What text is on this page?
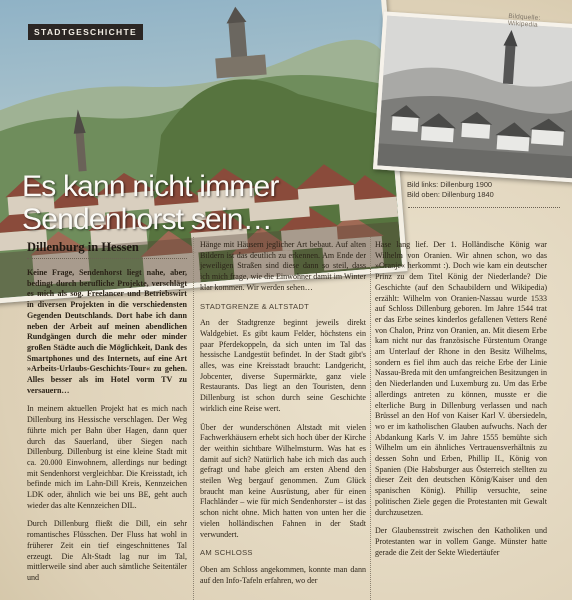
Bildquelle: Wikipedia
STADTGESCHICHTE
Es kann nicht immer
Sendenhorst sein…
Bild links: Dillenburg 1900
Bild oben: Dillenburg 1840
Dillenburg in Hessen

Keine Frage, Sendenhorst liegt nahe, aber, bedingt durch berufliche Projekte, verschlägt es mich als sog. Freelancer und Betriebswirt in diversen Projekten in die verschiedensten Gegenden Deutschlands. Dort habe ich dann neben der Arbeit auf meinen abendlichen Rundgängen durch die mehr oder minder großen Städte auch die Möglichkeit, Dank des Smartphones und des Internets, auf eine Art »Arbeits-Urlaubs-Geschichts-Tour« zu gehen. Alles besser als im Hotel vorm TV zu versauern…

In meinem aktuellen Projekt hat es mich nach Dillenburg ins Hessische verschlagen. Der Weg führte mich per Bahn über Hagen, dann quer durch das Sauerland, über Siegen nach Dillenburg. Dillenburg ist eine kleine Stadt mit ca. 20.000 Einwohnern, allerdings nur bedingt mit Sendenhorst vergleichbar. Die Kreisstadt, ich befinde mich im Lahn-Dill Kreis, Kennzeichen LDK oder, ähnlich wie bei uns BE, geht auch wieder das alte Kennzeichen DIL.

Durch Dillenburg fließt die Dill, ein sehr romantisches Flüsschen. Der Fluss hat wohl in früherer Zeit ein tief eingeschnittenes Tal erzeugt. Die Alt-Stadt lag nur im Tal, mittlerweile sind aber auch sämtliche Seitentäler und

Hänge mit Häusern jeglicher Art bebaut. Auf alten Bildern ist das deutlich zu erkennen. Am Ende der jeweiligen Straßen sind diese dann so steil, dass ich mich frage, wie die Einwohner damit im Winter klar kommen. Wir werden sehen…

STADTGRENZE & ALTSTADT

An der Stadtgrenze beginnt jeweils direkt Waldgebiet. Es gibt kaum Felder, höchstens ein paar Pferdekoppeln, da sich unten im Tal das hessische Landgestüt befindet. In der Stadt gibt's alles, was eine Kreisstadt braucht: Landgericht, Jobcenter, diverse Supermärkte, ganz viele Restaurants. Das liegt an den Touristen, denn Dillenburg ist schon durch seine Geschichte wirklich eine Reise wert.

Über der wunderschönen Altstadt mit vielen Fachwerkhäusern erhebt sich hoch über der Kirche der weithin sichtbare Wilhelmsturm. Was hat es damit auf sich? Natürlich habe ich mich das auch gefragt und habe gleich am ersten Abend den steilen Weg bergauf genommen. Zum Glück braucht man keine Ausrüstung, aber für einen Flachländer – wie für mich Sendenhorster – ist das schon nicht ohne. Mich hatten von unten her die vielen holländischen Fahnen in der Stadt verwundert.

AM SCHLOSS

Oben am Schloss angekommen, konnte man dann auf den Info-Tafeln erfahren, wo der

Hase lang lief. Der 1. Holländische König war Wilhelm von Oranien. Wir ahnen schon, wo das »Oranje« herkommt :). Doch wie kam ein deutscher Prinz zu dem Titel König der Niederlande? Die Geschichte (auf den Schaubildern und Wikipedia) erzählt: Wilhelm von Oranien-Nassau wurde 1533 auf Schloss Dillenburg geboren. Im Jahre 1544 trat er das Erbe seines kinderlos gefallenen Vetters René von Chalon, Prinz von Oranien, an. Mit diesem Erbe kam nicht nur das französische Fürstentum Orange am Unterlauf der Rhone in den Besitz Wilhelms, sondern es fiel ihm auch das reiche Erbe der Linie Nassau-Breda mit den umfangreichen Besitzungen in den Niederlanden und Luxemburg zu. Um das Erbe allerdings antreten zu können, musste er die elterliche Burg in Dillenburg verlassen und nach Brüssel an den Hof von Kaiser Karl V. übersiedeln, wo er im katholischen Glauben aufwuchs. Nach der Abdankung Karls V. im Jahre 1555 bemühte sich Wilhelm um ein ähnliches Vertrauensverhältnis zu dessen Sohn und Erben, Phillip II., König von Spanien (Die Habsburger aus Österreich stellten zu dieser Zeit den deutschen König/Kaiser und den spanischen König). Phillip versuchte, seine politischen Ziele gegen die Protestanten mit Gewalt durchzusetzen.

Der Glaubensstreit zwischen den Katholiken und Protestanten war in vollem Gange. Münster hatte gerade die Zeit der Sekte Wiedertäufer
